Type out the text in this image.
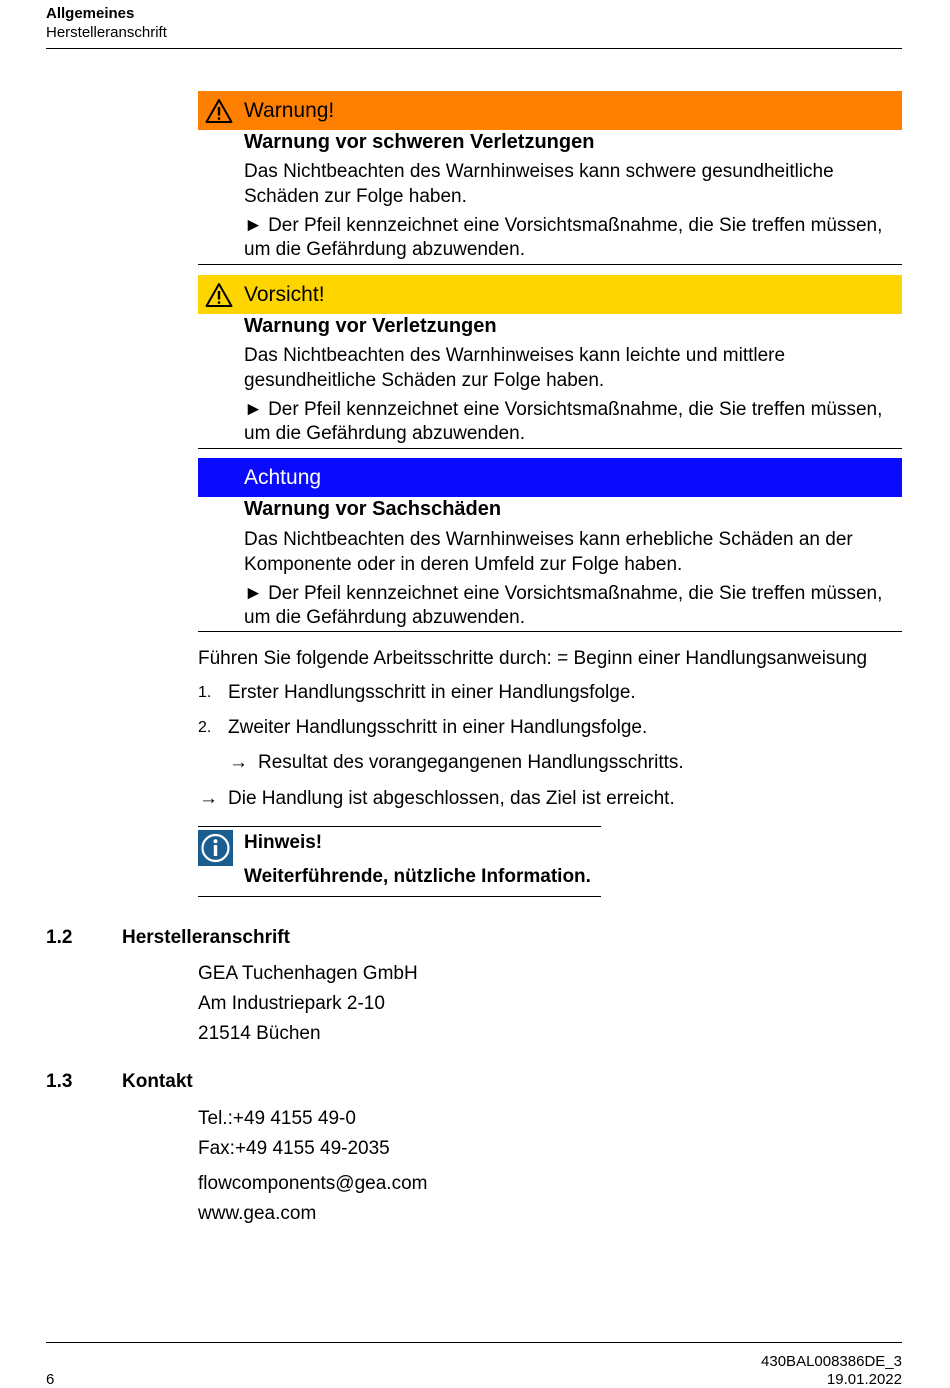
Allgemeines
Herstelleranschrift
Warnung!
Warnung vor schweren Verletzungen
Das Nichtbeachten des Warnhinweises kann schwere gesundheitliche
Schäden zur Folge haben.
► Der Pfeil kennzeichnet eine Vorsichtsmaßnahme, die Sie treffen müssen,
um die Gefährdung abzuwenden.
Vorsicht!
Warnung vor Verletzungen
Das Nichtbeachten des Warnhinweises kann leichte und mittlere
gesundheitliche Schäden zur Folge haben.
► Der Pfeil kennzeichnet eine Vorsichtsmaßnahme, die Sie treffen müssen,
um die Gefährdung abzuwenden.
Achtung
Warnung vor Sachschäden
Das Nichtbeachten des Warnhinweises kann erhebliche Schäden an der
Komponente oder in deren Umfeld zur Folge haben.
► Der Pfeil kennzeichnet eine Vorsichtsmaßnahme, die Sie treffen müssen,
um die Gefährdung abzuwenden.
Führen Sie folgende Arbeitsschritte durch: = Beginn einer Handlungsanweisung
1. Erster Handlungsschritt in einer Handlungsfolge.
2. Zweiter Handlungsschritt in einer Handlungsfolge.
→ Resultat des vorangegangenen Handlungsschritts.
→ Die Handlung ist abgeschlossen, das Ziel ist erreicht.
Hinweis!
Weiterführende, nützliche Information.
1.2	Herstelleranschrift
GEA Tuchenhagen GmbH
Am Industriepark 2-10
21514 Büchen
1.3	Kontakt
Tel.:+49 4155 49-0
Fax:+49 4155 49-2035
flowcomponents@gea.com
www.gea.com
6
430BAL008386DE_3
19.01.2022
